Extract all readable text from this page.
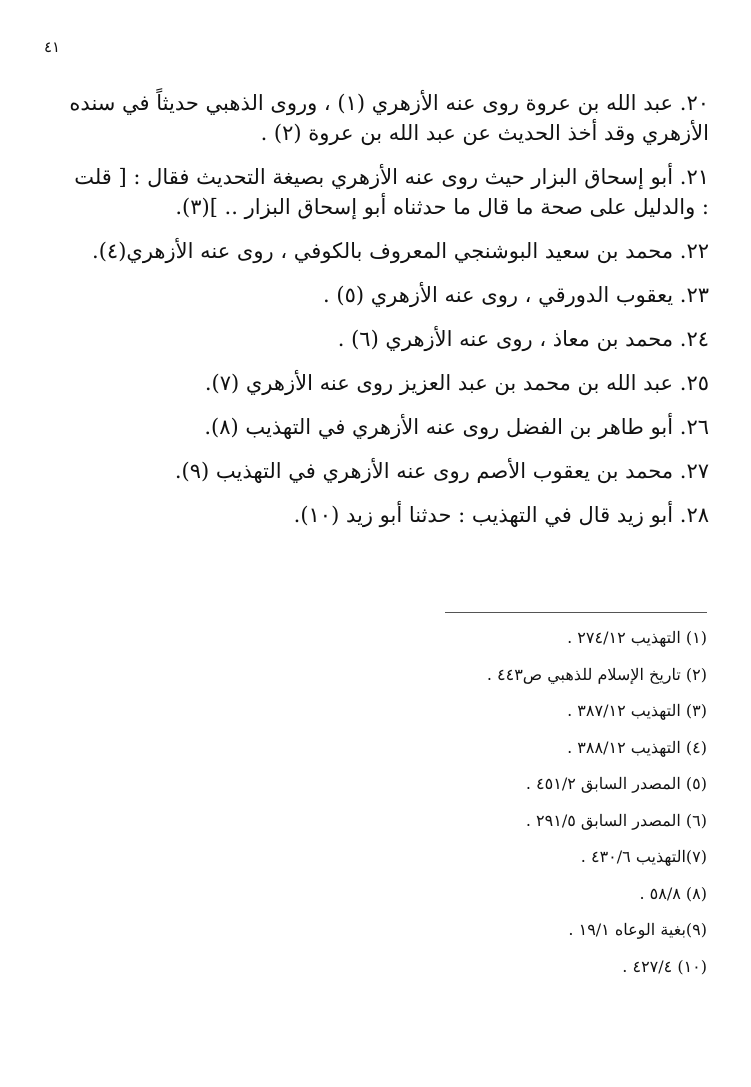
٤١
٢٠. عبد الله بن عروة روى عنه الأزهري (١) ، وروى الذهبي حديثاً في سنده
الأزهري وقد أخذ الحديث عن عبد الله بن عروة (٢) .
٢١. أبو إسحاق البزار حيث روى عنه الأزهري بصيغة التحديث فقال : [ قلت
: والدليل على صحة ما قال ما حدثناه أبو إسحاق البزار .. ](٣).
٢٢. محمد بن سعيد البوشنجي المعروف بالكوفي ، روى عنه الأزهري(٤).
٢٣. يعقوب الدورقي ، روى عنه الأزهري (٥) .
٢٤. محمد بن معاذ ، روى عنه الأزهري (٦) .
٢٥. عبد الله بن محمد بن عبد العزيز روى عنه الأزهري (٧).
٢٦. أبو طاهر بن الفضل روى عنه الأزهري في التهذيب (٨).
٢٧. محمد بن يعقوب الأصم روى عنه الأزهري في التهذيب (٩).
٢٨. أبو زيد قال في التهذيب : حدثنا أبو زيد (١٠).
(١) التهذيب ٢٧٤/١٢ .
(٢) تاريخ الإسلام للذهبي ص٤٤٣ .
(٣) التهذيب ٣٨٧/١٢ .
(٤) التهذيب ٣٨٨/١٢ .
(٥) المصدر السابق ٤٥١/٢ .
(٦) المصدر السابق ٢٩١/٥ .
(٧)التهذيب ٤٣٠/٦ .
(٨) ٥٨/٨ .
(٩)بغية الوعاه ١٩/١ .
(١٠) ٤٢٧/٤ .
